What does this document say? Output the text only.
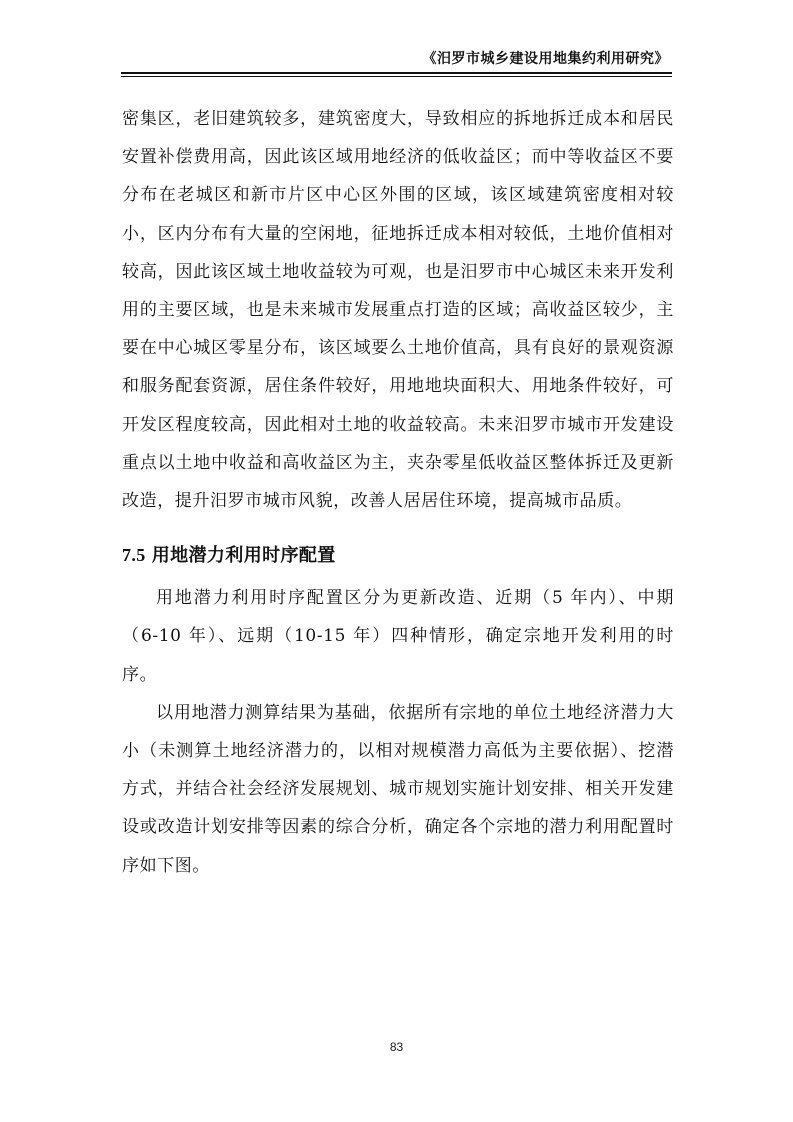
《汨罗市城乡建设用地集约利用研究》

密集区，老旧建筑较多，建筑密度大，导致相应的拆地拆迁成本和居民安置补偿费用高，因此该区域用地经济的低收益区；而中等收益区不要分布在老城区和新市片区中心区外围的区域，该区域建筑密度相对较小，区内分布有大量的空闲地，征地拆迁成本相对较低，土地价值相对较高，因此该区域土地收益较为可观，也是汨罗市中心城区未来开发利用的主要区域，也是未来城市发展重点打造的区域；高收益区较少，主要在中心城区零星分布，该区域要么土地价值高，具有良好的景观资源和服务配套资源，居住条件较好，用地地块面积大、用地条件较好，可开发区程度较高，因此相对土地的收益较高。未来汨罗市城市开发建设重点以土地中收益和高收益区为主，夹杂零星低收益区整体拆迁及更新改造，提升汨罗市城市风貌，改善人居居住环境，提高城市品质。

7.5 用地潜力利用时序配置

用地潜力利用时序配置区分为更新改造、近期（5 年内）、中期（6-10 年）、远期（10-15 年）四种情形，确定宗地开发利用的时序。

以用地潜力测算结果为基础，依据所有宗地的单位土地经济潜力大小（未测算土地经济潜力的，以相对规模潜力高低为主要依据）、挖潜方式，并结合社会经济发展规划、城市规划实施计划安排、相关开发建设或改造计划安排等因素的综合分析，确定各个宗地的潜力利用配置时序如下图。

83
